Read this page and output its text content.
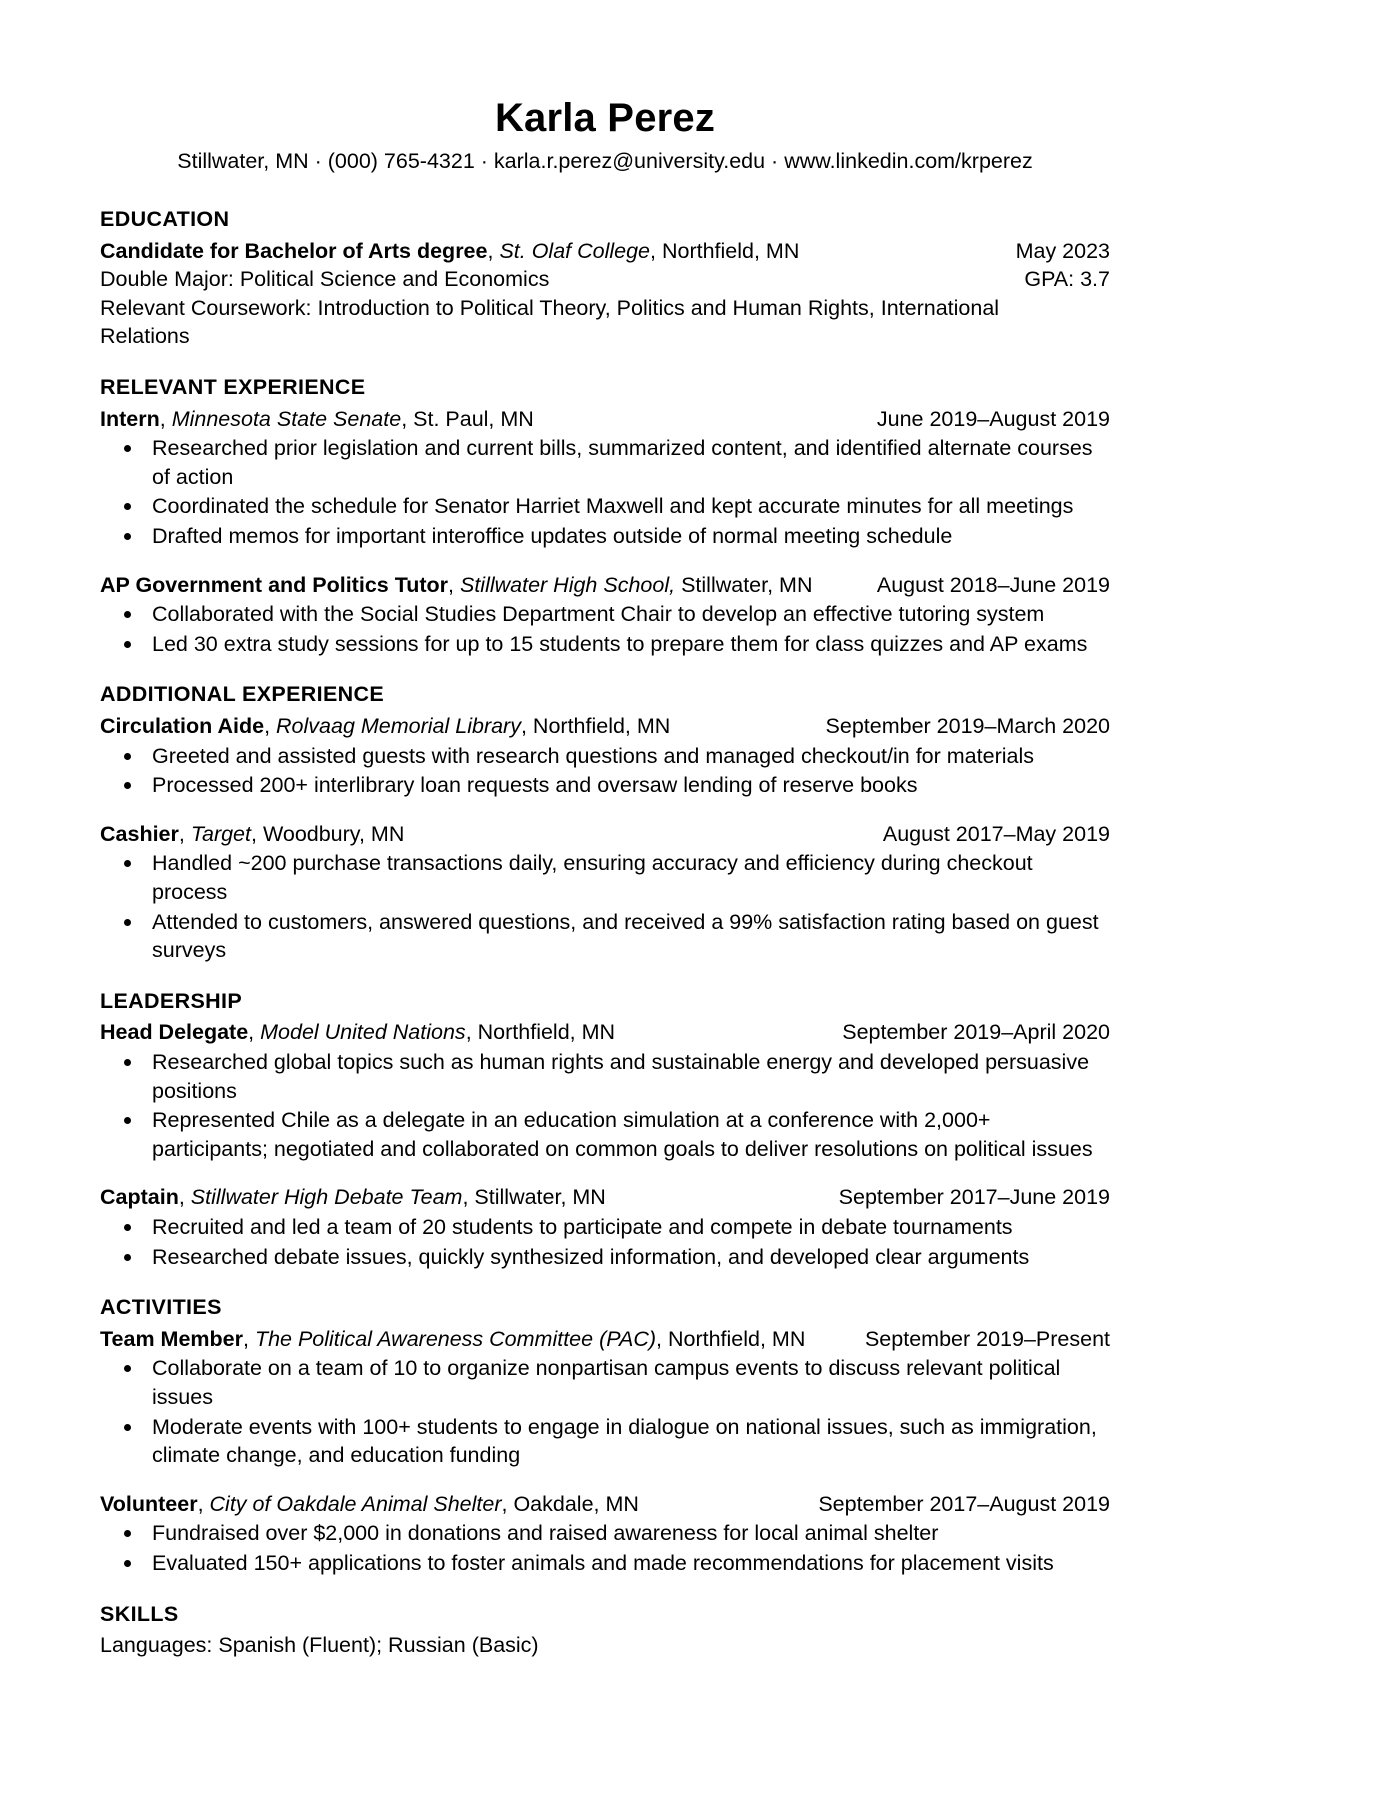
Karla Perez
Stillwater, MN · (000) 765-4321 · karla.r.perez@university.edu · www.linkedin.com/krperez
EDUCATION
Candidate for Bachelor of Arts degree, St. Olaf College, Northfield, MN	May 2023
Double Major: Political Science and Economics	GPA: 3.7
Relevant Coursework: Introduction to Political Theory, Politics and Human Rights, International Relations
RELEVANT EXPERIENCE
Intern, Minnesota State Senate, St. Paul, MN	June 2019–August 2019
Researched prior legislation and current bills, summarized content, and identified alternate courses of action
Coordinated the schedule for Senator Harriet Maxwell and kept accurate minutes for all meetings
Drafted memos for important interoffice updates outside of normal meeting schedule
AP Government and Politics Tutor, Stillwater High School, Stillwater, MN	August 2018–June 2019
Collaborated with the Social Studies Department Chair to develop an effective tutoring system
Led 30 extra study sessions for up to 15 students to prepare them for class quizzes and AP exams
ADDITIONAL EXPERIENCE
Circulation Aide, Rolvaag Memorial Library, Northfield, MN	September 2019–March 2020
Greeted and assisted guests with research questions and managed checkout/in for materials
Processed 200+ interlibrary loan requests and oversaw lending of reserve books
Cashier, Target, Woodbury, MN	August 2017–May 2019
Handled ~200 purchase transactions daily, ensuring accuracy and efficiency during checkout process
Attended to customers, answered questions, and received a 99% satisfaction rating based on guest surveys
LEADERSHIP
Head Delegate, Model United Nations, Northfield, MN	September 2019–April 2020
Researched global topics such as human rights and sustainable energy and developed persuasive positions
Represented Chile as a delegate in an education simulation at a conference with 2,000+ participants; negotiated and collaborated on common goals to deliver resolutions on political issues
Captain, Stillwater High Debate Team, Stillwater, MN	September 2017–June 2019
Recruited and led a team of 20 students to participate and compete in debate tournaments
Researched debate issues, quickly synthesized information, and developed clear arguments
ACTIVITIES
Team Member, The Political Awareness Committee (PAC), Northfield, MN	September 2019–Present
Collaborate on a team of 10 to organize nonpartisan campus events to discuss relevant political issues
Moderate events with 100+ students to engage in dialogue on national issues, such as immigration, climate change, and education funding
Volunteer, City of Oakdale Animal Shelter, Oakdale, MN	September 2017–August 2019
Fundraised over $2,000 in donations and raised awareness for local animal shelter
Evaluated 150+ applications to foster animals and made recommendations for placement visits
SKILLS
Languages: Spanish (Fluent); Russian (Basic)
